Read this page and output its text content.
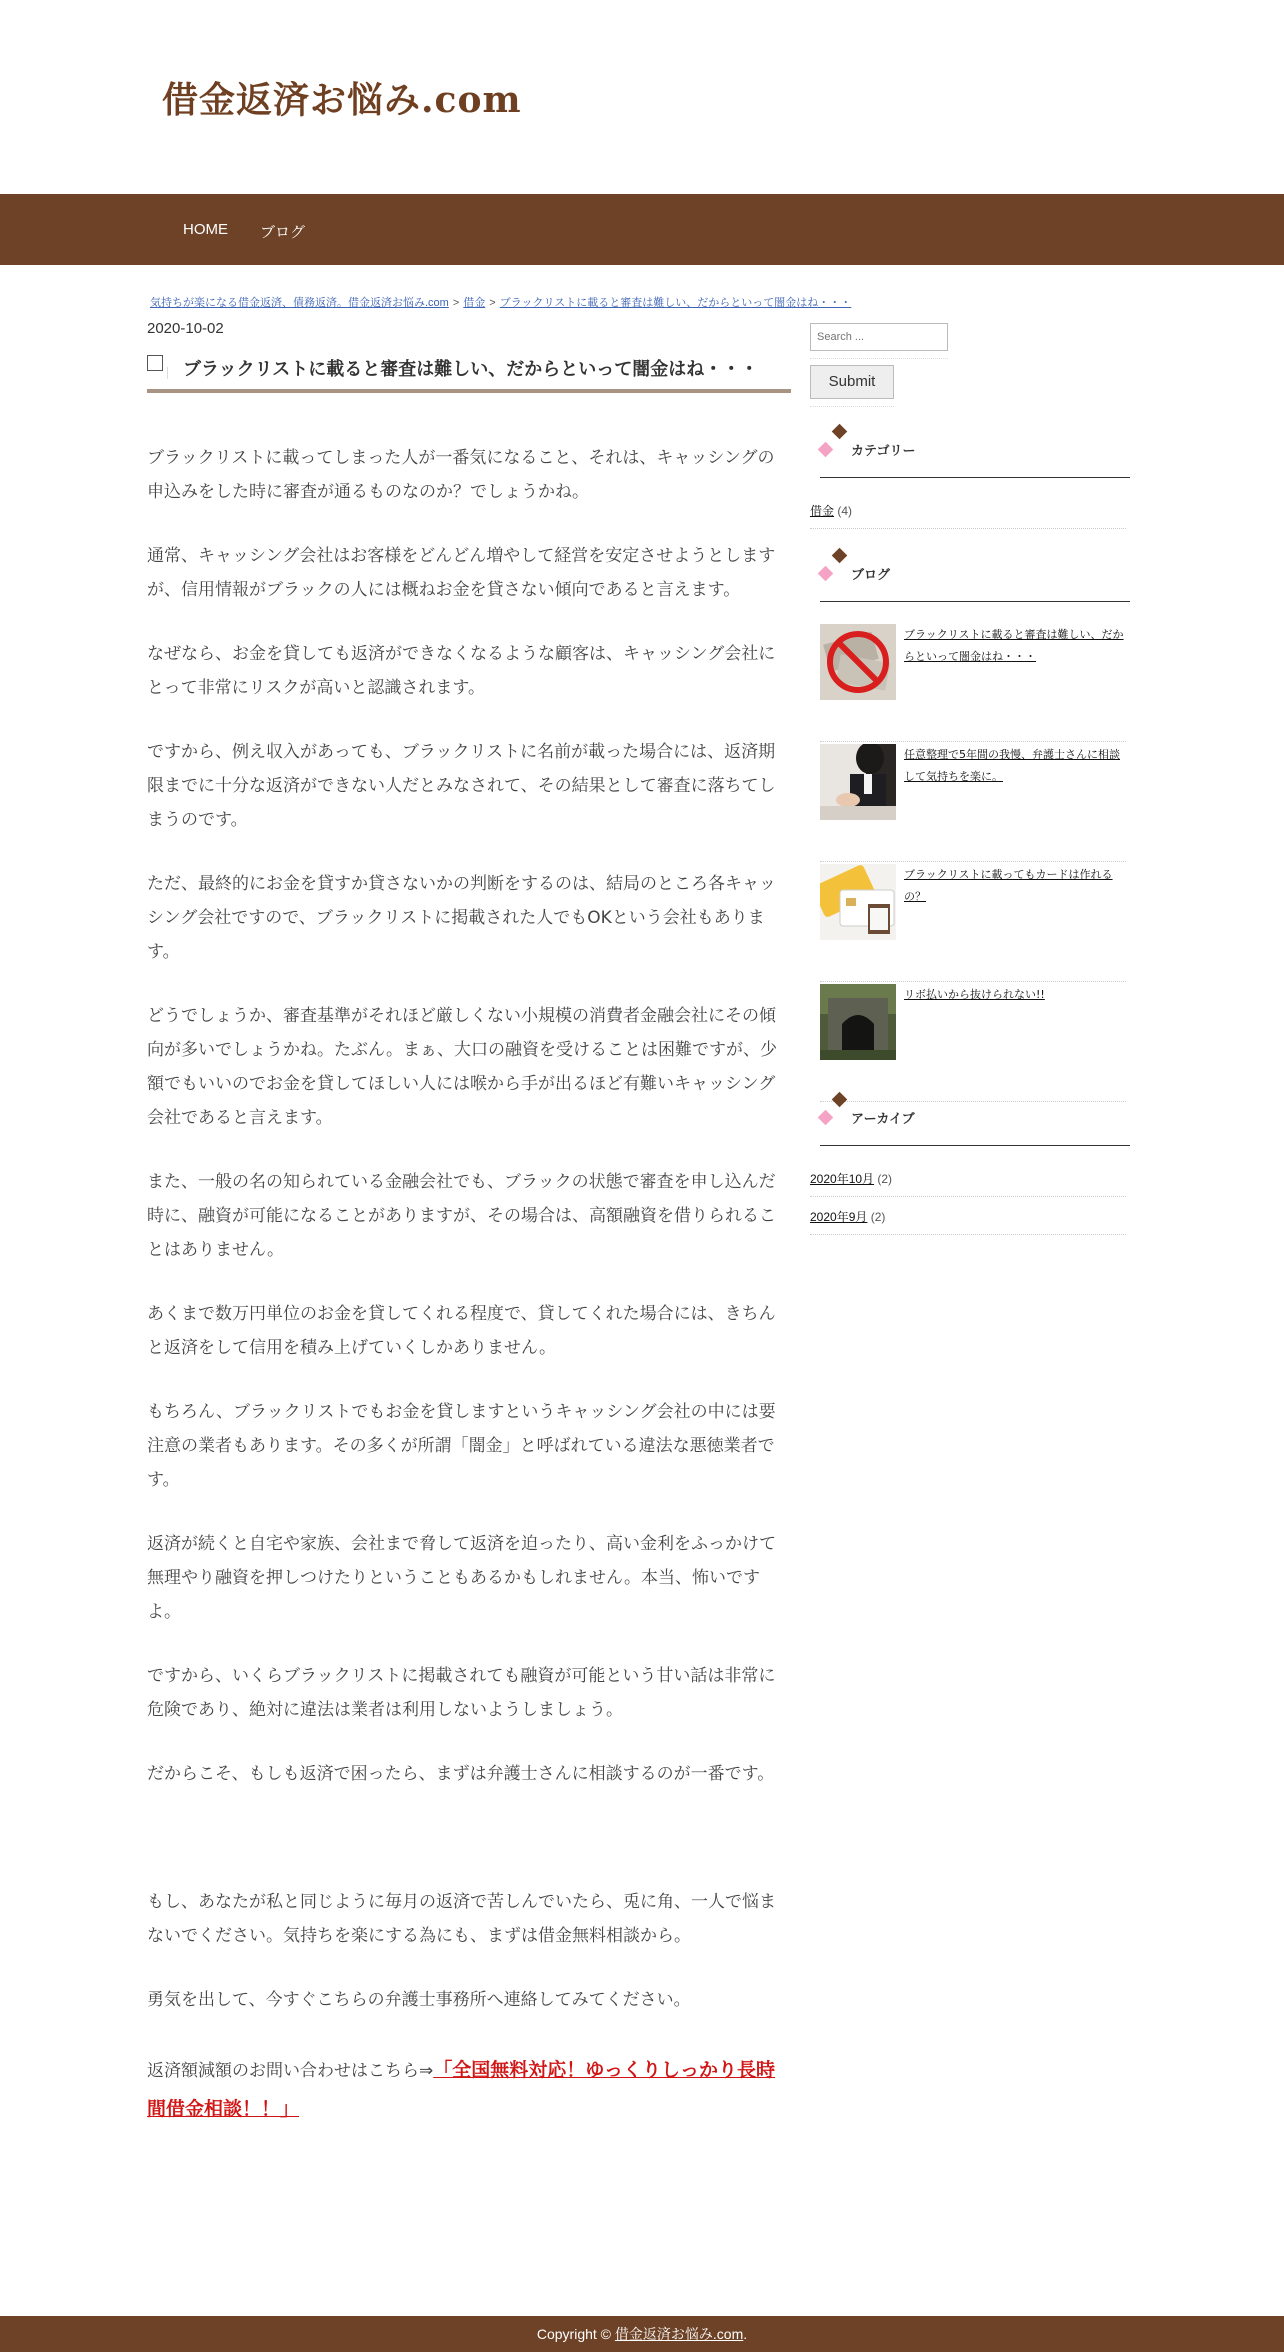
借金返済お悩み.com
HOME ブログ
気持ちが楽になる借金返済、債務返済。借金返済お悩み.com > 借金 > ブラックリストに載ると審査は難しい、だからといって闇金はね・・・
2020-10-02
ブラックリストに載ると審査は難しい、だからといって闇金はね・・・

ブラックリストに載ってしまった人が一番気になること、それは、キャッシングの申込みをした時に審査が通るものなのか？でしょうかね。

通常、キャッシング会社はお客様をどんどん増やして経営を安定させようとしますが、信用情報がブラックの人には概ねお金を貸さない傾向であると言えます。

なぜなら、お金を貸しても返済ができなくなるような顧客は、キャッシング会社にとって非常にリスクが高いと認識されます。

ですから、例え収入があっても、ブラックリストに名前が載った場合には、返済期限までに十分な返済ができない人だとみなされて、その結果として審査に落ちてしまうのです。

ただ、最終的にお金を貸すか貸さないかの判断をするのは、結局のところ各キャッシング会社ですので、ブラックリストに掲載された人でもOKという会社もあります。

どうでしょうか、審査基準がそれほど厳しくない小規模の消費者金融会社にその傾向が多いでしょうかね。たぶん。まぁ、大口の融資を受けることは困難ですが、少額でもいいのでお金を貸してほしい人には喉から手が出るほど有難いキャッシング会社であると言えます。

また、一般の名の知られている金融会社でも、ブラックの状態で審査を申し込んだ時に、融資が可能になることがありますが、その場合は、高額融資を借りられることはありません。

あくまで数万円単位のお金を貸してくれる程度で、貸してくれた場合には、きちんと返済をして信用を積み上げていくしかありません。

もちろん、ブラックリストでもお金を貸しますというキャッシング会社の中には要注意の業者もあります。その多くが所謂「闇金」と呼ばれている違法な悪徳業者です。

返済が続くと自宅や家族、会社まで脅して返済を迫ったり、高い金利をふっかけて無理やり融資を押しつけたりということもあるかもしれません。本当、怖いですよ。

ですから、いくらブラックリストに掲載されても融資が可能という甘い話は非常に危険であり、絶対に違法は業者は利用しないようしましょう。

だからこそ、もしも返済で困ったら、まずは弁護士さんに相談するのが一番です。

もし、あなたが私と同じように毎月の返済で苦しんでいたら、兎に角、一人で悩まないでください。気持ちを楽にする為にも、まずは借金無料相談から。

勇気を出して、今すぐこちらの弁護士事務所へ連絡してみてください。

返済額減額のお問い合わせはこちら⇒「全国無料対応！ゆっくりしっかり長時間借金相談！！」
Search ...
Submit
カテゴリー
借金 (4)
ブログ
ブラックリストに載ると審査は難しい、だからといって闇金はね・・・
任意整理で5年間の我慢、弁護士さんに相談して気持ちを楽に。
ブラックリストに載ってもカードは作れるの？
リボ払いから抜けられない!!
アーカイブ
2020年10月 (2)
2020年9月 (2)
Copyright © 借金返済お悩み.com.
